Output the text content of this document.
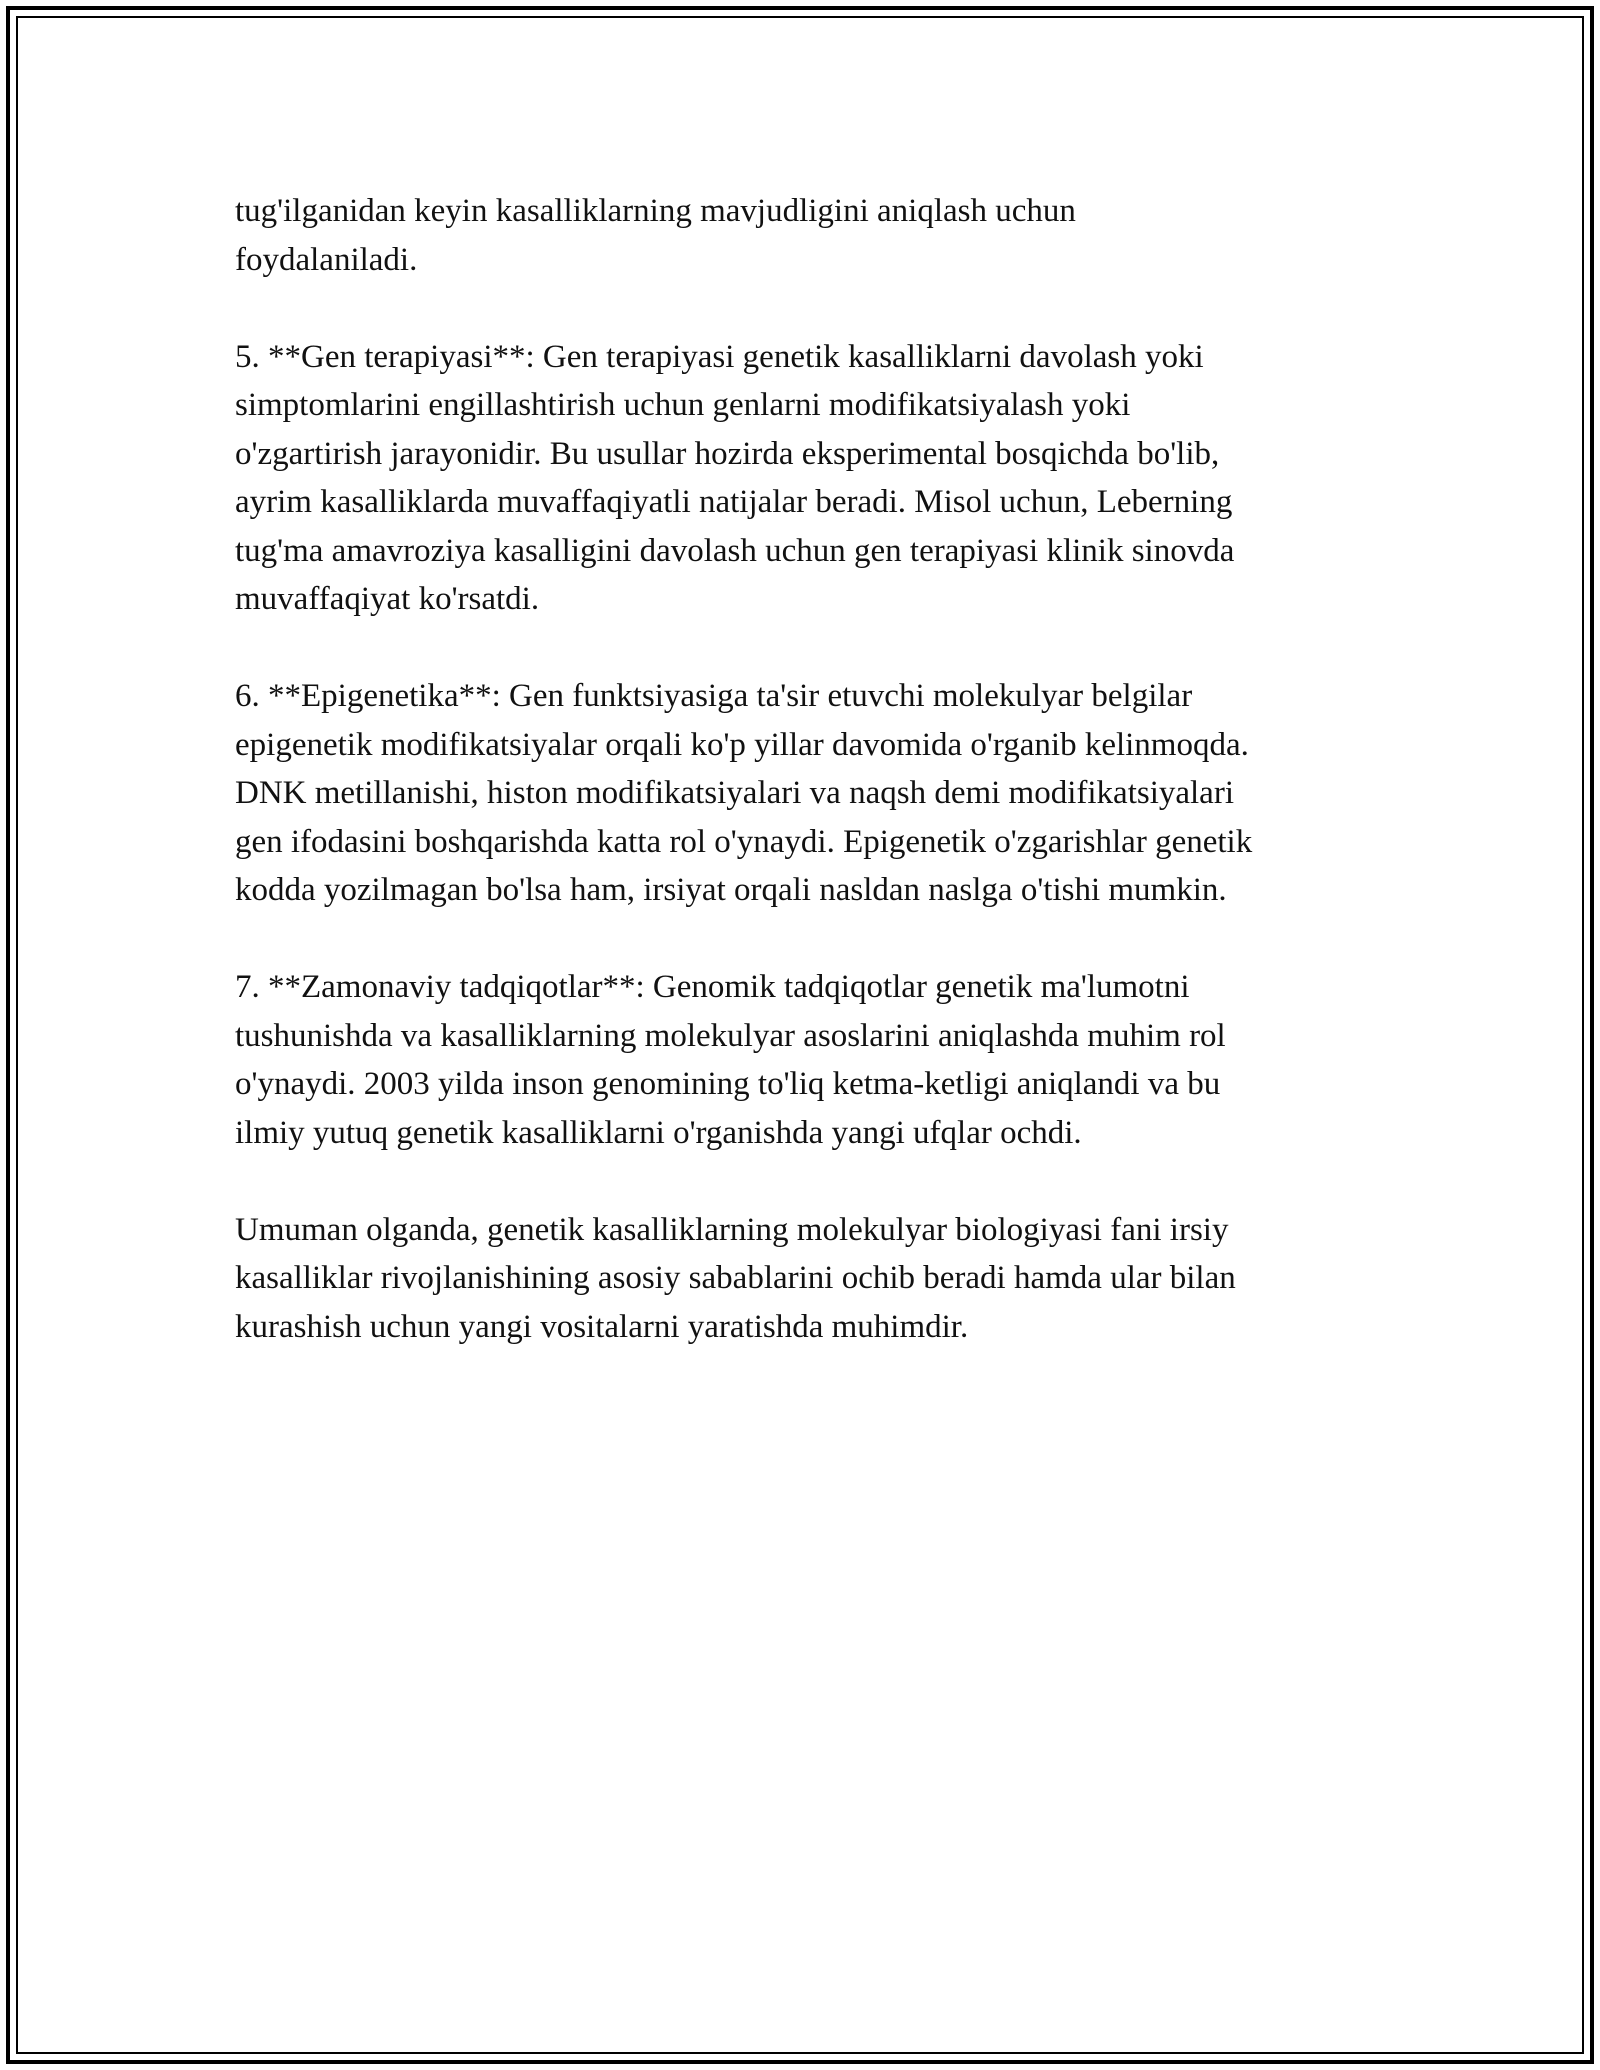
tug'ilganidan keyin kasalliklarning mavjudligini aniqlash uchun
foydalaniladi.

5. **Gen terapiyasi**: Gen terapiyasi genetik kasalliklarni davolash yoki
simptomlarini engillashtirish uchun genlarni modifikatsiyalash yoki
o'zgartirish jarayonidir. Bu usullar hozirda eksperimental bosqichda bo'lib,
ayrim kasalliklarda muvaffaqiyatli natijalar beradi. Misol uchun, Leberning
tug'ma amavroziya kasalligini davolash uchun gen terapiyasi klinik sinovda
muvaffaqiyat ko'rsatdi.

6. **Epigenetika**: Gen funktsiyasiga ta'sir etuvchi molekulyar belgilar
epigenetik modifikatsiyalar orqali ko'p yillar davomida o'rganib kelinmoqda.
DNK metillanishi, histon modifikatsiyalari va naqsh demi modifikatsiyalari
gen ifodasini boshqarishda katta rol o'ynaydi. Epigenetik o'zgarishlar genetik
kodda yozilmagan bo'lsa ham, irsiyat orqali nasldan naslga o'tishi mumkin.

7. **Zamonaviy tadqiqotlar**: Genomik tadqiqotlar genetik ma'lumotni
tushunishda va kasalliklarning molekulyar asoslarini aniqlashda muhim rol
o'ynaydi. 2003 yilda inson genomining to'liq ketma-ketligi aniqlandi va bu
ilmiy yutuq genetik kasalliklarni o'rganishda yangi ufqlar ochdi.

Umuman olganda, genetik kasalliklarning molekulyar biologiyasi fani irsiy
kasalliklar rivojlanishining asosiy sabablarini ochib beradi hamda ular bilan
kurashish uchun yangi vositalarni yaratishda muhimdir.
